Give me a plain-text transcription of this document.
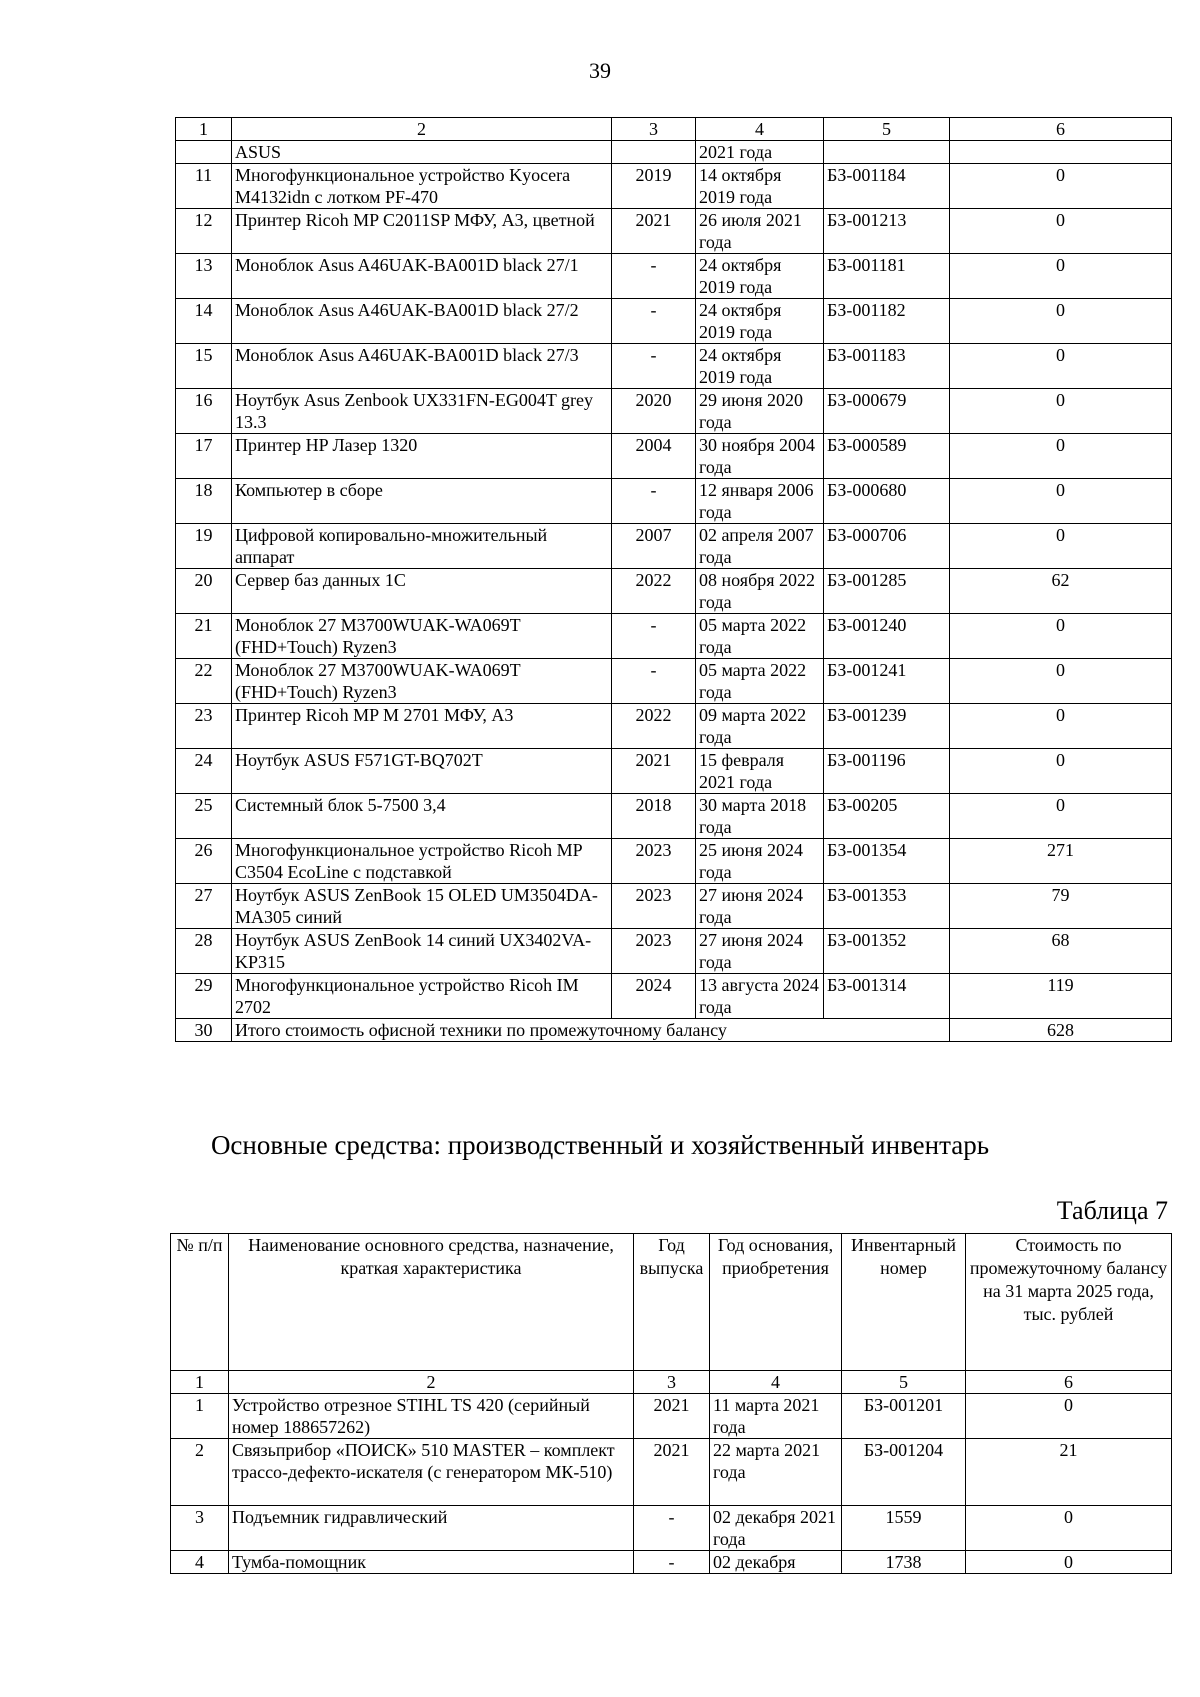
39
1	2	3	4	5	6
	ASUS		2021 года		
11	Многофункциональное устройство Kyocera M4132idn с лотком PF-470	2019	14 октября 2019 года	БЗ-001184	0
12	Принтер Ricoh MP C2011SP МФУ, A3, цветной	2021	26 июля 2021 года	БЗ-001213	0
13	Моноблок Asus A46UAK-BA001D black 27/1	-	24 октября 2019 года	БЗ-001181	0
14	Моноблок Asus A46UAK-BA001D black 27/2	-	24 октября 2019 года	БЗ-001182	0
15	Моноблок Asus A46UAK-BA001D black 27/3	-	24 октября 2019 года	БЗ-001183	0
16	Ноутбук Asus Zenbook UX331FN-EG004T grey 13.3	2020	29 июня 2020 года	БЗ-000679	0
17	Принтер HP Лазер 1320	2004	30 ноября 2004 года	БЗ-000589	0
18	Компьютер в сборе	-	12 января 2006 года	БЗ-000680	0
19	Цифровой копировально-множительный аппарат	2007	02 апреля 2007 года	БЗ-000706	0
20	Сервер баз данных 1С	2022	08 ноября 2022 года	БЗ-001285	62
21	Моноблок 27 M3700WUAK-WA069T (FHD+Touch) Ryzen3	-	05 марта 2022 года	БЗ-001240	0
22	Моноблок 27 M3700WUAK-WA069T (FHD+Touch) Ryzen3	-	05 марта 2022 года	БЗ-001241	0
23	Принтер Ricoh MP M 2701 МФУ, A3	2022	09 марта 2022 года	БЗ-001239	0
24	Ноутбук ASUS F571GT-BQ702T	2021	15 февраля 2021 года	БЗ-001196	0
25	Системный блок 5-7500 3,4	2018	30 марта 2018 года	БЗ-00205	0
26	Многофункциональное устройство Ricoh MP C3504 EcoLine с подставкой	2023	25 июня 2024 года	БЗ-001354	271
27	Ноутбук ASUS ZenBook 15 OLED UM3504DA-MA305 синий	2023	27 июня 2024 года	БЗ-001353	79
28	Ноутбук ASUS ZenBook 14 синий UX3402VA-KP315	2023	27 июня 2024 года	БЗ-001352	68
29	Многофункциональное устройство Ricoh IM 2702	2024	13 августа 2024 года	БЗ-001314	119
30	Итого стоимость офисной техники по промежуточному балансу				628
Основные средства: производственный и хозяйственный инвентарь
Таблица 7
№ п/п	Наименование основного средства, назначение, краткая характеристика	Год выпуска	Год основания, приобретения	Инвентарный номер	Стоимость по промежуточному балансу на 31 марта 2025 года, тыс. рублей
1	2	3	4	5	6
1	Устройство отрезное STIHL TS 420 (серийный номер 188657262)	2021	11 марта 2021 года	БЗ-001201	0
2	Связьприбор «ПОИСК» 510 MASTER – комплект трассо-дефекто-искателя (с генератором МК-510)	2021	22 марта 2021 года	БЗ-001204	21
3	Подъемник гидравлический	-	02 декабря 2021 года	1559	0
4	Тумба-помощник	-	02 декабря	1738	0
